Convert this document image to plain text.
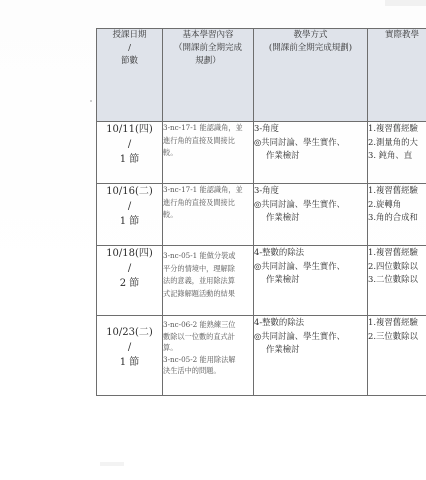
授課日期
/
節數	基本學習內容
（開課前全期完成
規劃）	教學方式
(開課前全期完成規劃)	實際教學

10/11(四)
/
1 節	3-nc-17-1 能認識角，並
進行角的直接及間接比
較。	3-角度
◎共同討論、學生實作、
作業檢討	1.複習舊經驗
2.測量角的大
3. 鈍角、直

10/16(二)
/
1 節	3-nc-17-1 能認識角，並
進行角的直接及間接比
較。	3-角度
◎共同討論、學生實作、
作業檢討	1.複習舊經驗
2.旋轉角
3.角的合成和

10/18(四)
/
2 節	3-nc-05-1 能做分裝或
平分的情境中，理解除
法的意義，並用除法算
式記錄解題活動的結果	4-整數的除法
◎共同討論、學生實作、
作業檢討	1.複習舊經驗
2.四位數除以
3.二位數除以

10/23(二)
/
1 節	3-nc-06-2 能熟練三位
數除以一位數的直式計
算。
3-nc-05-2 能用除法解
決生活中的問題。	4-整數的除法
◎共同討論、學生實作、
作業檢討	1.複習舊經驗
2.三位數除以
